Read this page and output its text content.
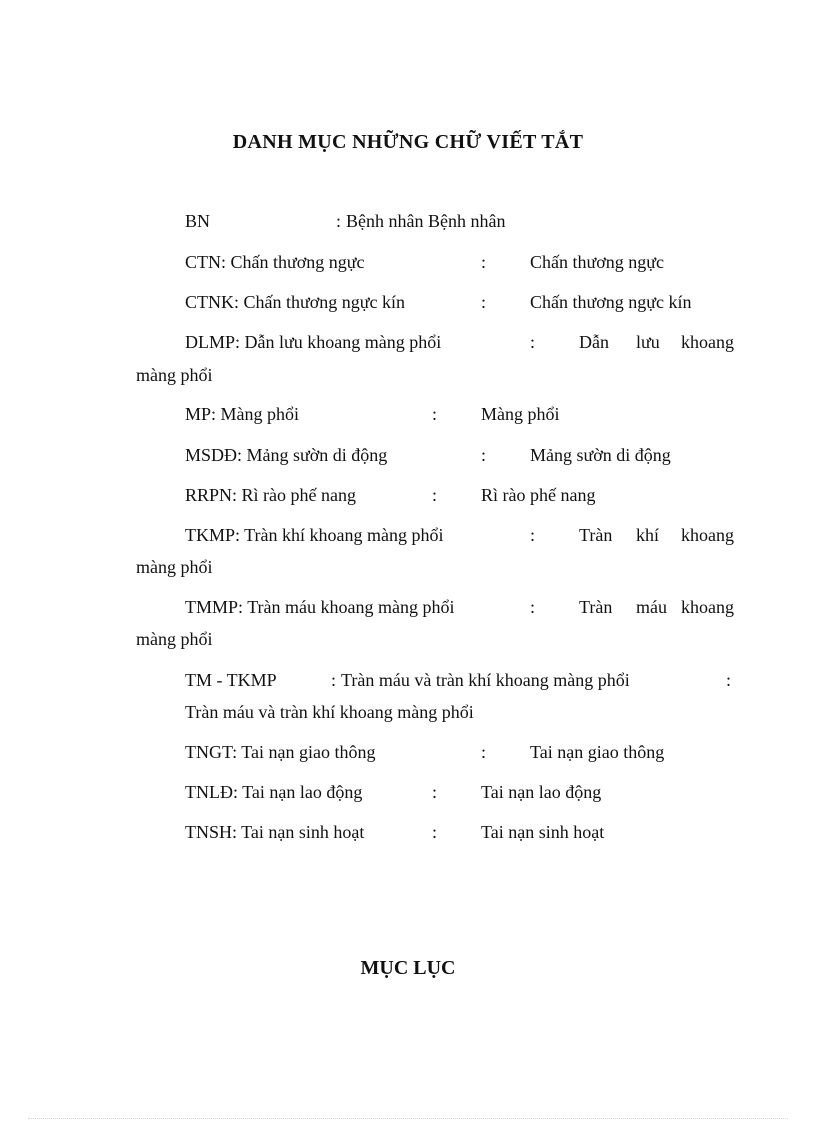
DANH MỤC NHỮNG CHỮ VIẾT TẮT
BN	: Bệnh nhân Bệnh nhân
CTN: Chấn thương ngực	: Chấn thương ngực
CTNK: Chấn thương ngực kín	: Chấn thương ngực kín
DLMP: Dẫn lưu khoang màng phổi	: Dẫn lưu khoang
màng phổi
MP: Màng phổi	: Màng phổi
MSDĐ: Mảng sườn di động	: Mảng sườn di động
RRPN: Rì rào phế nang	: Rì rào phế nang
TKMP: Tràn khí khoang màng phổi	: Tràn khí khoang
màng phổi
TMMP: Tràn máu khoang màng phổi	: Tràn máu khoang
màng phổi
TM - TKMP	: Tràn máu và tràn khí khoang màng phổi	:
Tràn máu và tràn khí khoang màng phổi
TNGT: Tai nạn giao thông	: Tai nạn giao thông
TNLĐ: Tai nạn lao động	: Tai nạn lao động
TNSH: Tai nạn sinh hoạt	: Tai nạn sinh hoạt
MỤC LỤC
